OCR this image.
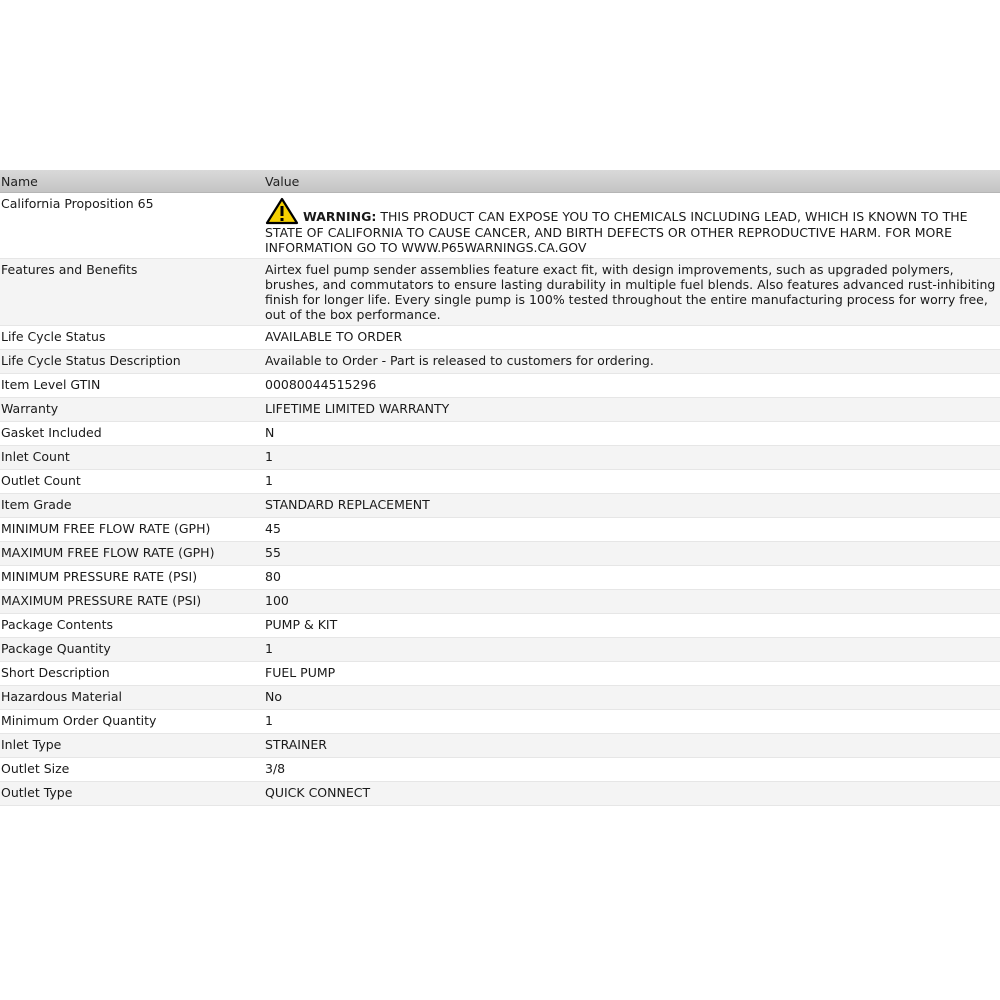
Name	Value
California Proposition 65	WARNING: THIS PRODUCT CAN EXPOSE YOU TO CHEMICALS INCLUDING LEAD, WHICH IS KNOWN TO THE STATE OF CALIFORNIA TO CAUSE CANCER, AND BIRTH DEFECTS OR OTHER REPRODUCTIVE HARM. FOR MORE INFORMATION GO TO WWW.P65WARNINGS.CA.GOV

Features and Benefits	Airtex fuel pump sender assemblies feature exact fit, with design improvements, such as upgraded polymers, brushes, and commutators to ensure lasting durability in multiple fuel blends. Also features advanced rust-inhibiting finish for longer life. Every single pump is 100% tested throughout the entire manufacturing process for worry free, out of the box performance.
Life Cycle Status	AVAILABLE TO ORDER
Life Cycle Status Description	Available to Order - Part is released to customers for ordering.
Item Level GTIN	00080044515296
Warranty	LIFETIME LIMITED WARRANTY
Gasket Included	N
Inlet Count	1
Outlet Count	1
Item Grade	STANDARD REPLACEMENT
MINIMUM FREE FLOW RATE (GPH)	45
MAXIMUM FREE FLOW RATE (GPH)	55
MINIMUM PRESSURE RATE (PSI)	80
MAXIMUM PRESSURE RATE (PSI)	100
Package Contents	PUMP & KIT
Package Quantity	1
Short Description	FUEL PUMP
Hazardous Material	No
Minimum Order Quantity	1
Inlet Type	STRAINER
Outlet Size	3/8
Outlet Type	QUICK CONNECT
